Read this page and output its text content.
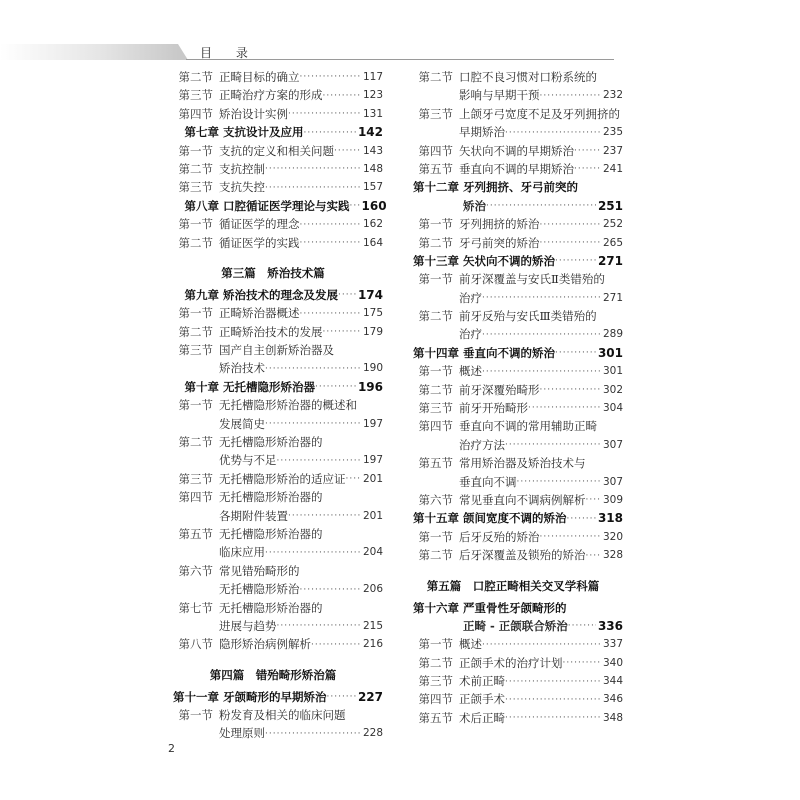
目 录
第二节 正畸目标的确立 ·····	117
第三节 正畸治疗方案的形成 ·····	123
第四节 矫治设计实例 ·····	131
第七章 支抗设计及应用 ·····	142
第一节 支抗的定义和相关问题 ·····	143
第二节 支抗控制 ·····	148
第三节 支抗失控 ·····	157
第八章 口腔循证医学理论与实践 ····· 160
第一节 循证医学的理念 ·····	162
第二节 循证医学的实践 ·····	164
第三篇　矫治技术篇
第九章 矫治技术的理念及发展 ····· 174
第一节 正畸矫治器概述 ·····	175
第二节 正畸矫治技术的发展 ·····	179
第三节 国产自主创新矫治器及
矫治技术 ·····	190
第十章 无托槽隐形矫治器 ·····	196
第一节 无托槽隐形矫治器的概述和
发展简史 ·····	197
第二节 无托槽隐形矫治器的
优势与不足 ·····	197
第三节 无托槽隐形矫治的适应证 ····· 201
第四节 无托槽隐形矫治器的
各期附件装置 ·····	201
第五节 无托槽隐形矫治器的
临床应用 ·····	204
第六节 常见错殆畸形的
无托槽隐形矫治 ·····	206
第七节 无托槽隐形矫治器的
进展与趋势 ·····	215
第八节 隐形矫治病例解析 ·····	216
第四篇　错殆畸形矫治篇
第十一章 牙颌畸形的早期矫治 ·····	227
第一节 粉发育及相关的临床问题
处理原则 ·····	228
第二节 口腔不良习惯对口粉系统的
影响与早期干预 ·····	232
第三节 上颌牙弓宽度不足及牙列拥挤的
早期矫治 ·····	235
第四节 矢状向不调的早期矫治 ·····	237
第五节 垂直向不调的早期矫治 ·····	241
第十二章 牙列拥挤、牙弓前突的
矫治 ·····	251
第一节 牙列拥挤的矫治 ·····	252
第二节 牙弓前突的矫治 ·····	265
第十三章 矢状向不调的矫治 ·····	271
第一节 前牙深覆盖与安氏Ⅱ类错殆的
治疗 ·····	271
第二节 前牙反殆与安氏Ⅲ类错殆的
治疗 ·····	289
第十四章 垂直向不调的矫治 ·····	301
第一节 概述 ·····	301
第二节 前牙深覆殆畸形 ·····	302
第三节 前牙开殆畸形 ·····	304
第四节 垂直向不调的常用辅助正畸
治疗方法 ·····	307
第五节 常用矫治器及矫治技术与
垂直向不调 ·····	307
第六节 常见垂直向不调病例解析 ····· 309
第十五章 颌间宽度不调的矫治 ·····	318
第一节 后牙反殆的矫治 ·····	320
第二节 后牙深覆盖及锁殆的矫治 ····· 328
第五篇　口腔正畸相关交叉学科篇
第十六章 严重骨性牙颌畸形的
正畸 - 正颌联合矫治 ·····	336
第一节 概述 ·····	337
第二节 正颌手术的治疗计划 ·····	340
第三节 术前正畸 ·····	344
第四节 正颌手术 ·····	346
第五节 术后正畸 ·····	348
2
